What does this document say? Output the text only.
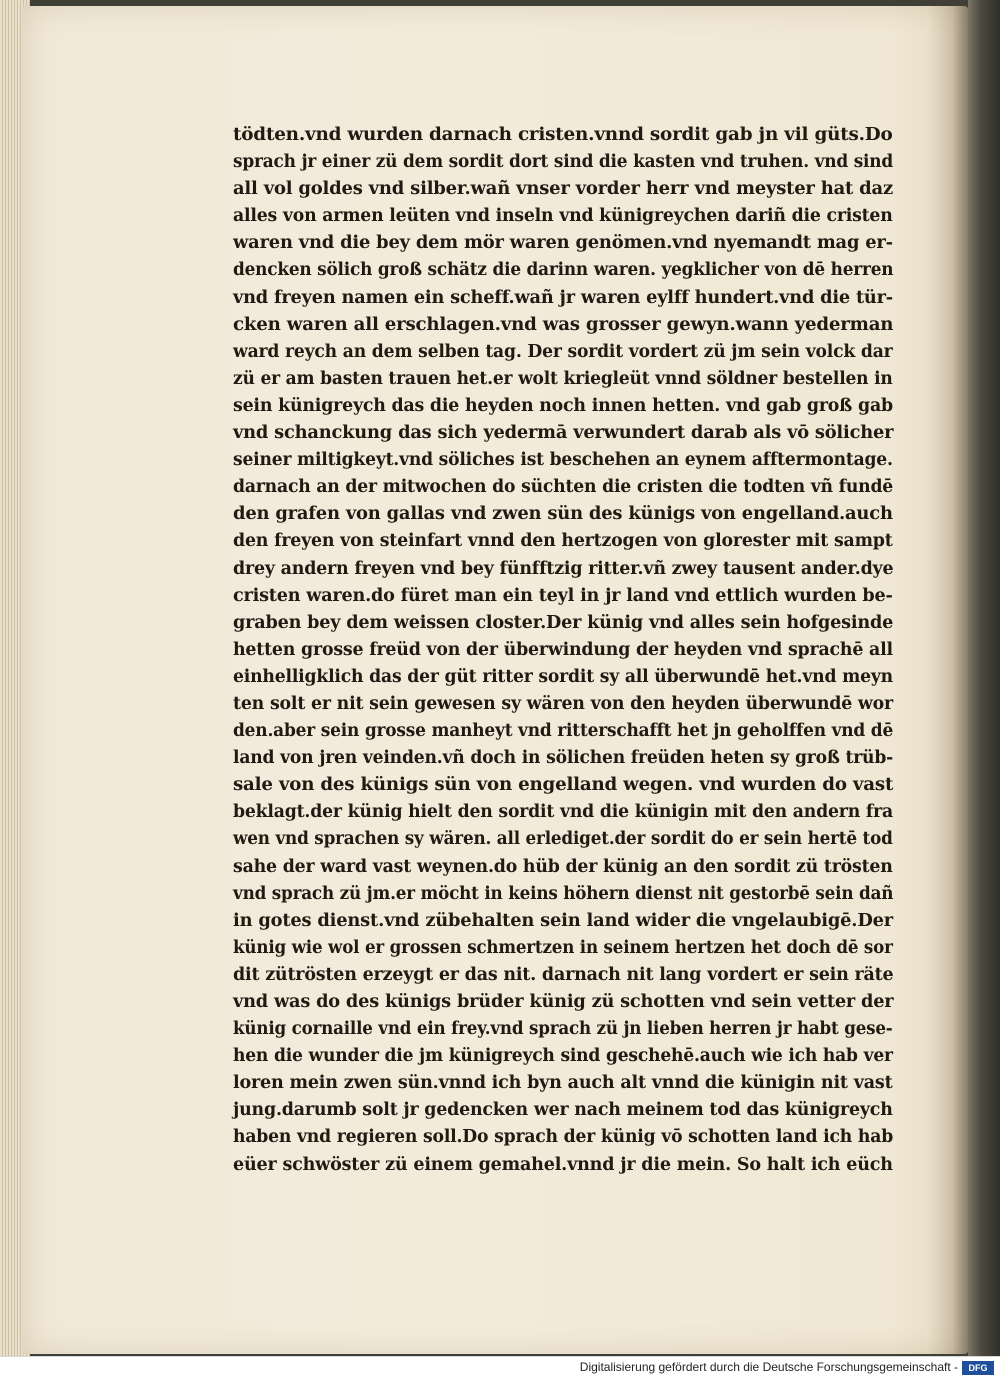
tödten.vnd wurden darnach cristen.vnnd sordit gab jn vil güts.Do
sprach jr einer zü dem sordit dort sind die kasten vnd truhen. vnd sind
all vol goldes vnd silber.wañ vnser vorder herr vnd meyster hat daz
alles von armen leüten vnd inseln vnd künigreychen dariñ die cristen
waren vnd die bey dem mör waren genömen.vnd nyemandt mag er-
dencken sölich groß schätz die darinn waren. yegklicher von dē herren
vnd freyen namen ein scheff.wañ jr waren eylff hundert.vnd die tür-
cken waren all erschlagen.vnd was grosser gewyn.wann yederman
ward reych an dem selben tag. Der sordit vordert zü jm sein volck dar
zü er am basten trauen het.er wolt kriegleüt vnnd söldner bestellen in
sein künigreych das die heyden noch innen hetten. vnd gab groß gab
vnd schanckung das sich yedermā verwundert darab als vō sölicher
seiner miltigkeyt.vnd söliches ist beschehen an eynem afftermontage.
darnach an der mitwochen do süchten die cristen die todten vñ fundē
den grafen von gallas vnd zwen sün des künigs von engelland.auch
den freyen von steinfart vnnd den hertzogen von glorester mit sampt
drey andern freyen vnd bey fünfftzig ritter.vñ zwey tausent ander.dye
cristen waren.do füret man ein teyl in jr land vnd ettlich wurden be-
graben bey dem weissen closter.Der künig vnd alles sein hofgesinde
hetten grosse freüd von der überwindung der heyden vnd sprachē all
einhelligklich das der güt ritter sordit sy all überwundē het.vnd meyn
ten solt er nit sein gewesen sy wären von den heyden überwundē wor
den.aber sein grosse manheyt vnd ritterschafft het jn geholffen vnd dē
land von jren veinden.vñ doch in sölichen freüden heten sy groß trüb-
sale von des künigs sün von engelland wegen. vnd wurden do vast
beklagt.der künig hielt den sordit vnd die künigin mit den andern fra
wen vnd sprachen sy wären. all erlediget.der sordit do er sein hertē tod
sahe der ward vast weynen.do hüb der künig an den sordit zü trösten
vnd sprach zü jm.er möcht in keins höhern dienst nit gestorbē sein dañ
in gotes dienst.vnd zübehalten sein land wider die vngelaubigē.Der
künig wie wol er grossen schmertzen in seinem hertzen het doch dē sor
dit zütrösten erzeygt er das nit. darnach nit lang vordert er sein räte
vnd was do des künigs brüder künig zü schotten vnd sein vetter der
künig cornaille vnd ein frey.vnd sprach zü jn lieben herren jr habt gese-
hen die wunder die jm künigreych sind geschehē.auch wie ich hab ver
loren mein zwen sün.vnnd ich byn auch alt vnnd die künigin nit vast
jung.darumb solt jr gedencken wer nach meinem tod das künigreych
haben vnd regieren soll.Do sprach der künig vō schotten land ich hab
eüer schwöster zü einem gemahel.vnnd jr die mein. So halt ich eüch
Digitalisierung gefördert durch die Deutsche Forschungsgemeinschaft -	DFG
